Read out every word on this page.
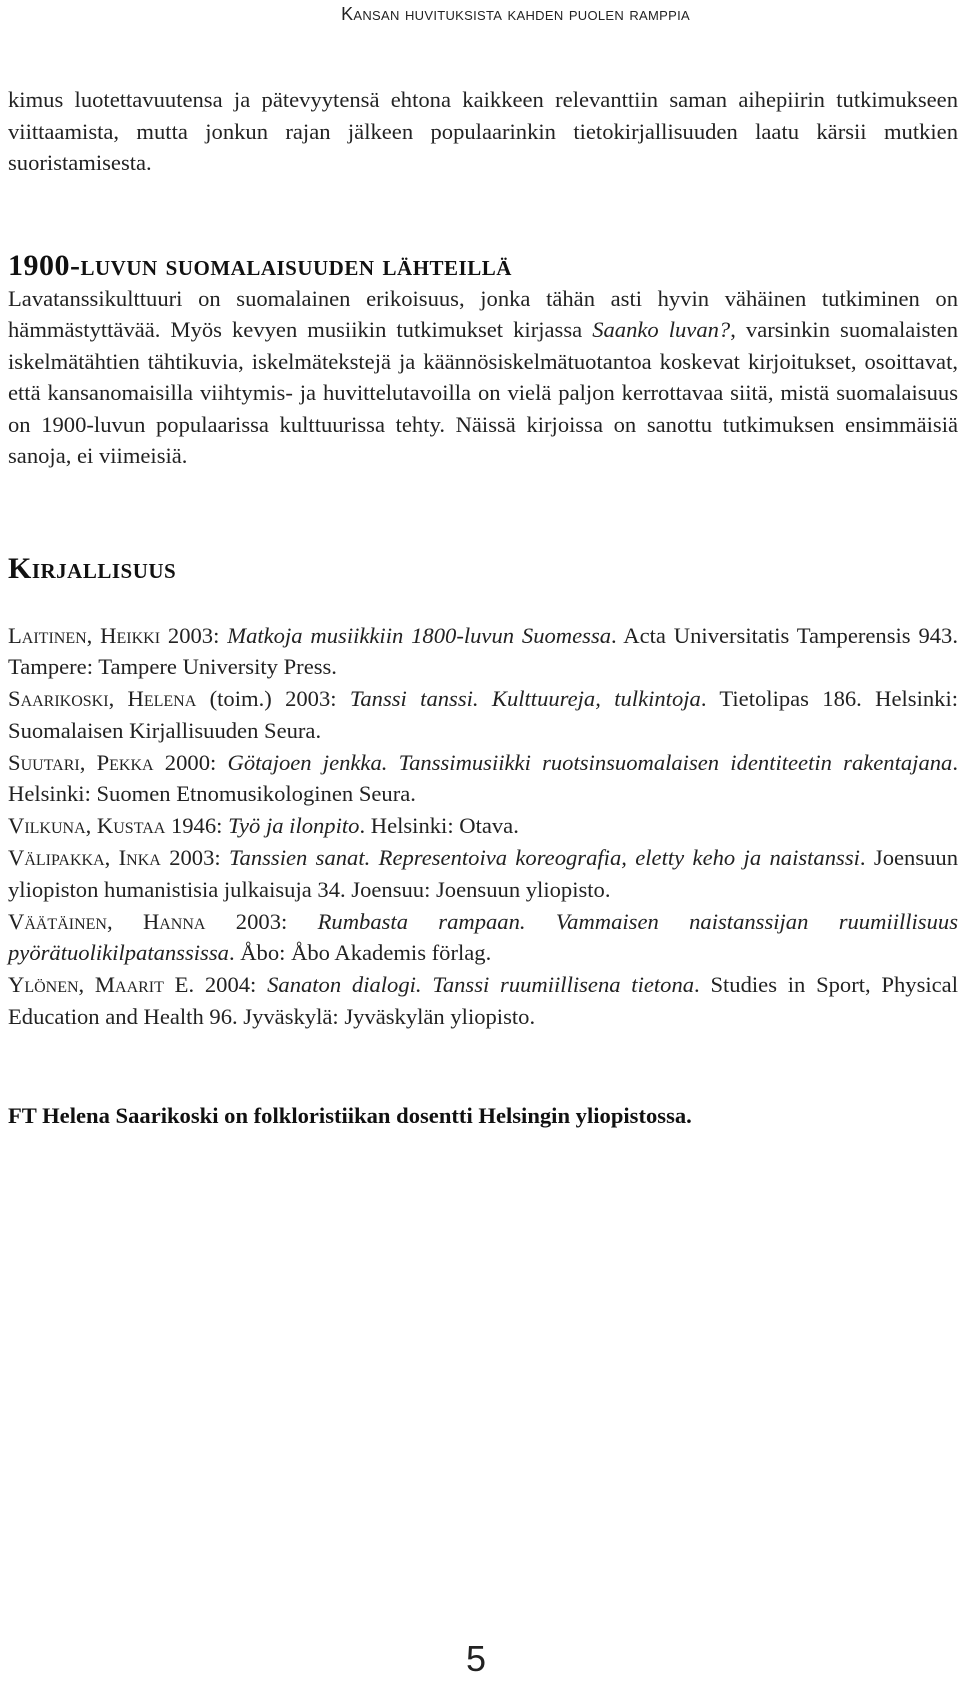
Kansan huvituksista kahden puolen ramppia

kimus luotettavuutensa ja pätevyytensä ehtona kaikkeen relevanttiin saman aihepiirin tutkimukseen viittaamista, mutta jonkun rajan jälkeen populaarinkin tietokirjallisuuden laatu kärsii mutkien suoristamisesta.

1900-luvun suomalaisuuden lähteillä

Lavatanssikulttuuri on suomalainen erikoisuus, jonka tähän asti hyvin vähäinen tutkiminen on hämmästyttävää. Myös kevyen musiikin tutkimukset kirjassa Saanko luvan?, varsinkin suomalaisten iskelmätähtien tähtikuvia, iskelmätekstejä ja käännösiskelmätuotantoa koskevat kirjoitukset, osoittavat, että kansanomaisilla viihtymis- ja huvittelutavoilla on vielä paljon kerrottavaa siitä, mistä suomalaisuus on 1900-luvun populaarissa kulttuurissa tehty. Näissä kirjoissa on sanottu tutkimuksen ensimmäisiä sanoja, ei viimeisiä.

Kirjallisuus

Laitinen, Heikki 2003: Matkoja musiikkiin 1800-luvun Suomessa. Acta Universitatis Tamperensis 943. Tampere: Tampere University Press.

Saarikoski, Helena (toim.) 2003: Tanssi tanssi. Kulttuureja, tulkintoja. Tietolipas 186. Helsinki: Suomalaisen Kirjallisuuden Seura.

Suutari, Pekka 2000: Götajoen jenkka. Tanssimusiikki ruotsinsuomalaisen identiteetin rakentajana. Helsinki: Suomen Etnomusikologinen Seura.

Vilkuna, Kustaa 1946: Työ ja ilonpito. Helsinki: Otava.

Välipakka, Inka 2003: Tanssien sanat. Representoiva koreografia, eletty keho ja naistanssi. Joensuun yliopiston humanistisia julkaisuja 34. Joensuu: Joensuun yliopisto.

Väätäinen, Hanna 2003: Rumbasta rampaan. Vammaisen naistanssijan ruumiillisuus pyörätuolikilpatanssissa. Åbo: Åbo Akademis förlag.

Ylönen, Maarit E. 2004: Sanaton dialogi. Tanssi ruumiillisena tietona. Studies in Sport, Physical Education and Health 96. Jyväskylä: Jyväskylän yliopisto.

FT Helena Saarikoski on folkloristiikan dosentti Helsingin yliopistossa.
5
